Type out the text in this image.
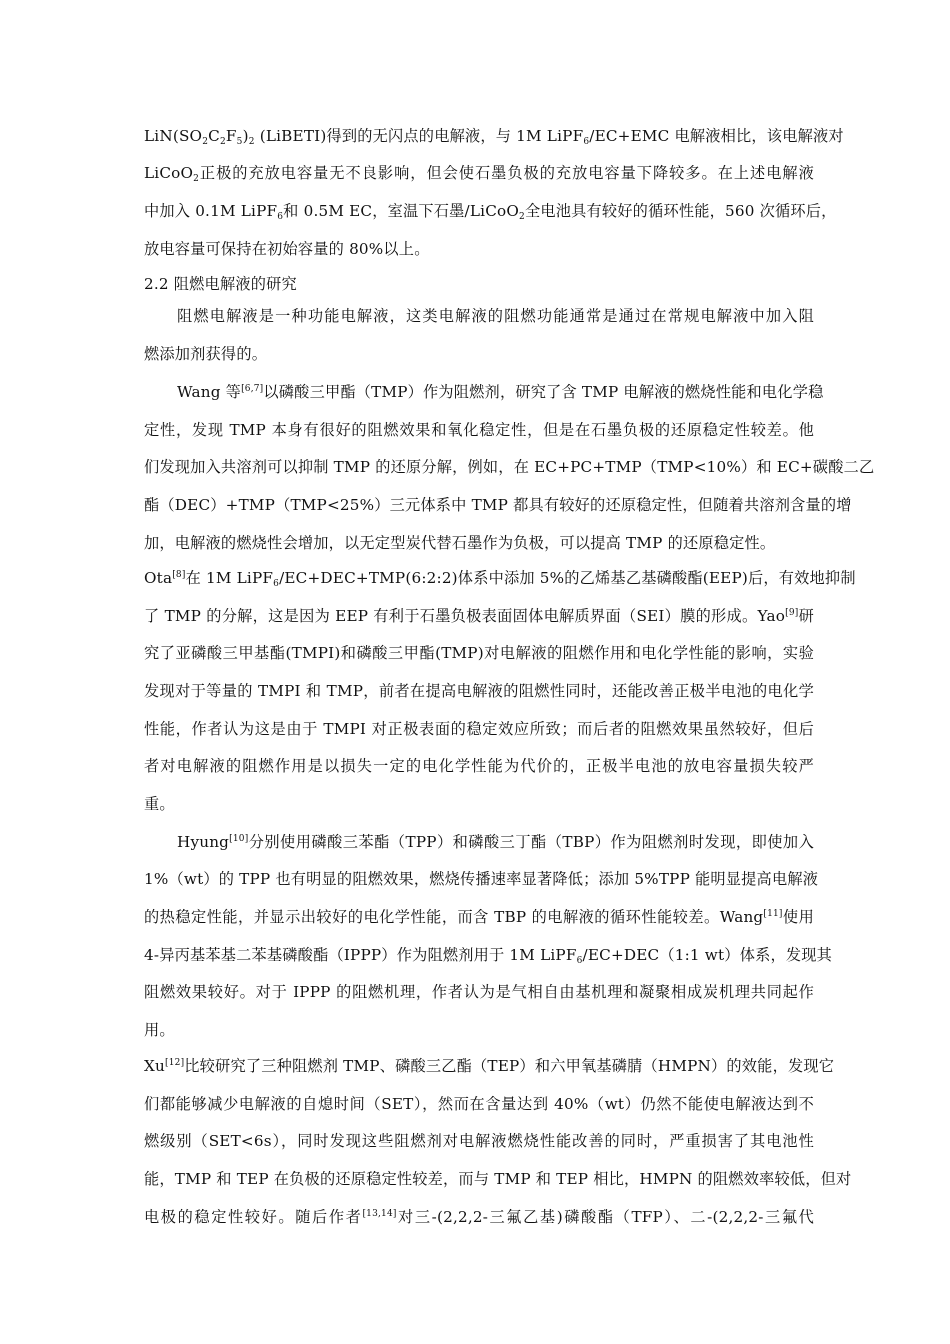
$LiN(SO_2C_2F_5)_2$ (LiBETI)得到的无闪点的电解液，与 1M LiPF$_6$/EC+EMC 电解液相比，该电解液对
LiCoO$_2$正极的充放电容量无不良影响，但会使石墨负极的充放电容量下降较多。在上述电解液
中加入 0.1M LiPF$_6$和 0.5M EC，室温下石墨/LiCoO$_2$全电池具有较好的循环性能，560 次循环后，
放电容量可保持在初始容量的 80%以上。
2.2 阻燃电解液的研究
阻燃电解液是一种功能电解液，这类电解液的阻燃功能通常是通过在常规电解液中加入阻
燃添加剂获得的。
Wang 等[6,7]以磷酸三甲酯（TMP）作为阻燃剂，研究了含 TMP 电解液的燃烧性能和电化学稳
定性，发现 TMP 本身有很好的阻燃效果和氧化稳定性，但是在石墨负极的还原稳定性较差。他
们发现加入共溶剂可以抑制 TMP 的还原分解，例如，在 EC+PC+TMP（TMP<10%）和 EC+碳酸二乙
酯（DEC）+TMP（TMP<25%）三元体系中 TMP 都具有较好的还原稳定性，但随着共溶剂含量的增
加，电解液的燃烧性会增加，以无定型炭代替石墨作为负极，可以提高 TMP 的还原稳定性。
Ota[8]在 1M LiPF$_6$/EC+DEC+TMP(6:2:2)体系中添加 5%的乙烯基乙基磷酸酯(EEP)后，有效地抑制
了 TMP 的分解，这是因为 EEP 有利于石墨负极表面固体电解质界面（SEI）膜的形成。Yao[9]研
究了亚磷酸三甲基酯(TMPI)和磷酸三甲酯(TMP)对电解液的阻燃作用和电化学性能的影响，实验
发现对于等量的 TMPI 和 TMP，前者在提高电解液的阻燃性同时，还能改善正极半电池的电化学
性能，作者认为这是由于 TMPI 对正极表面的稳定效应所致；而后者的阻燃效果虽然较好，但后
者对电解液的阻燃作用是以损失一定的电化学性能为代价的，正极半电池的放电容量损失较严
重。
Hyung[10]分别使用磷酸三苯酯（TPP）和磷酸三丁酯（TBP）作为阻燃剂时发现，即使加入
1%（wt）的 TPP 也有明显的阻燃效果，燃烧传播速率显著降低；添加 5%TPP 能明显提高电解液
的热稳定性能，并显示出较好的电化学性能，而含 TBP 的电解液的循环性能较差。Wang[11]使用
4-异丙基苯基二苯基磷酸酯（IPPP）作为阻燃剂用于 1M LiPF$_6$/EC+DEC（1:1 wt）体系，发现其
阻燃效果较好。对于 IPPP 的阻燃机理，作者认为是气相自由基机理和凝聚相成炭机理共同起作
用。
Xu[12]比较研究了三种阻燃剂 TMP、磷酸三乙酯（TEP）和六甲氧基磷腈（HMPN）的效能，发现它
们都能够减少电解液的自熄时间（SET），然而在含量达到 40%（wt）仍然不能使电解液达到不
燃级别（SET<6s），同时发现这些阻燃剂对电解液燃烧性能改善的同时，严重损害了其电池性
能，TMP 和 TEP 在负极的还原稳定性较差，而与 TMP 和 TEP 相比，HMPN 的阻燃效率较低，但对
电极的稳定性较好。随后作者[13,14]对三-(2,2,2-三氟乙基)磷酸酯（TFP）、二-(2,2,2-三氟代
